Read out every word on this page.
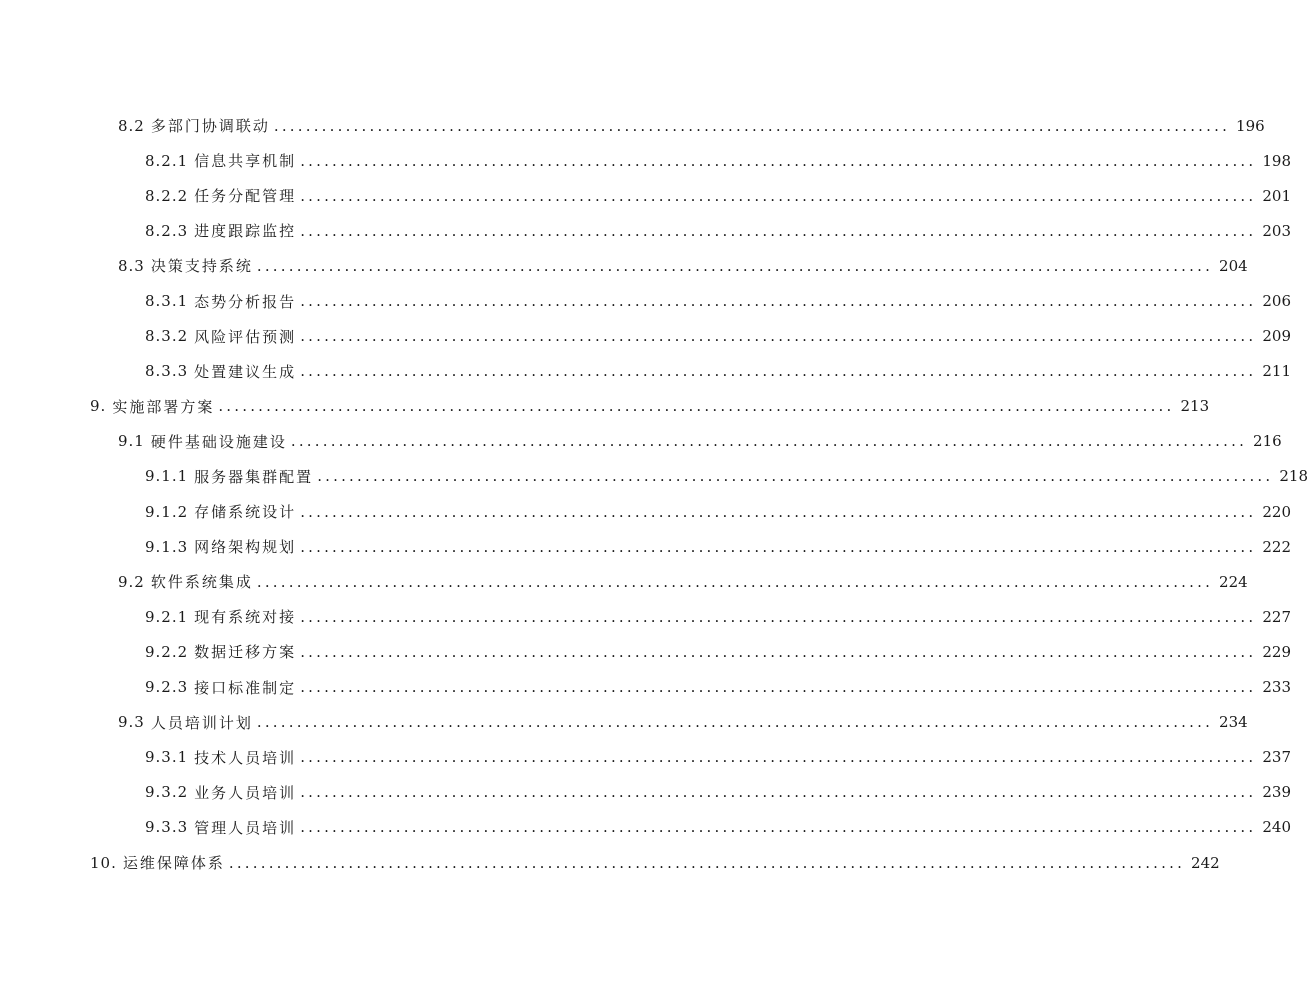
8.2 多部门协调联动 ........................................................................................................................ 196
8.2.1 信息共享机制 ........................................................................................................................ 198
8.2.2 任务分配管理 ........................................................................................................................ 201
8.2.3 进度跟踪监控 ........................................................................................................................ 203
8.3 决策支持系统 ........................................................................................................................ 204
8.3.1 态势分析报告 ........................................................................................................................ 206
8.3.2 风险评估预测 ........................................................................................................................ 209
8.3.3 处置建议生成 ........................................................................................................................ 211
9. 实施部署方案 ........................................................................................................................ 213
9.1 硬件基础设施建设 ........................................................................................................................ 216
9.1.1 服务器集群配置 ........................................................................................................................ 218
9.1.2 存储系统设计 ........................................................................................................................ 220
9.1.3 网络架构规划 ........................................................................................................................ 222
9.2 软件系统集成 ........................................................................................................................ 224
9.2.1 现有系统对接 ........................................................................................................................ 227
9.2.2 数据迁移方案 ........................................................................................................................ 229
9.2.3 接口标准制定 ........................................................................................................................ 233
9.3 人员培训计划 ........................................................................................................................ 234
9.3.1 技术人员培训 ........................................................................................................................ 237
9.3.2 业务人员培训 ........................................................................................................................ 239
9.3.3 管理人员培训 ........................................................................................................................ 240
10. 运维保障体系 ........................................................................................................................ 242
